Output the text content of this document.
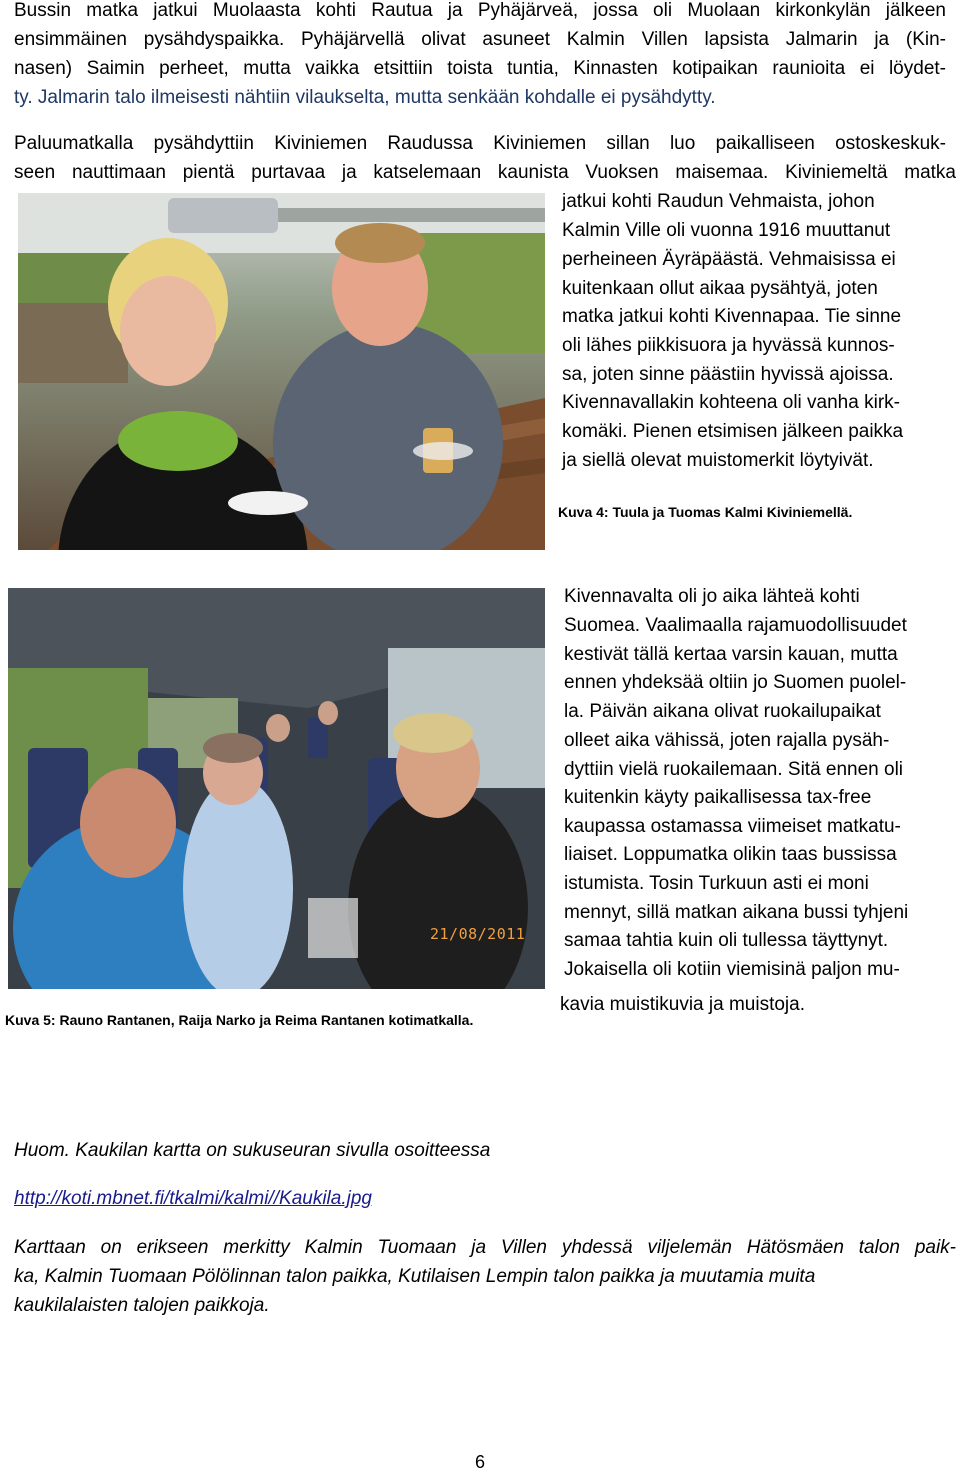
Bussin matka jatkui Muolaasta kohti Rautua ja Pyhäjärveä, jossa oli Muolaan kirkonkylän jälkeen
ensimmäinen pysähdyspaikka. Pyhäjärvellä olivat asuneet Kalmin Villen lapsista Jalmarin ja (Kin-
nasen) Saimin perheet, mutta vaikka etsittiin toista tuntia, Kinnasten kotipaikan raunioita ei löydet-
ty. Jalmarin talo ilmeisesti nähtiin vilaukselta, mutta senkään kohdalle ei pysähdytty.
Paluumatkalla pysähdyttiin Kiviniemen Raudussa Kiviniemen sillan luo paikalliseen ostoskeskuk-
seen nauttimaan pientä purtavaa ja katselemaan kaunista Vuoksen maisemaa. Kiviniemeltä matka
jatkui kohti Raudun Vehmaista, johon
Kalmin Ville oli vuonna 1916 muuttanut
perheineen Äyräpäästä. Vehmaisissa ei
kuitenkaan ollut aikaa pysähtyä, joten
matka jatkui kohti Kivennapaa. Tie sinne
oli lähes piikkisuora ja hyvässä kunnos-
sa, joten sinne päästiin hyvissä ajoissa.
Kivennavallakin kohteena oli vanha kirk-
komäki. Pienen etsimisen jälkeen paikka
ja siellä olevat muistomerkit löytyivät.
Kuva 4: Tuula ja Tuomas Kalmi Kiviniemellä.
21/08/2011
Kuva 5: Rauno Rantanen, Raija Narko ja Reima Rantanen kotimatkalla.
Kivennavalta oli jo aika lähteä kohti
Suomea. Vaalimaalla rajamuodollisuudet
kestivät tällä kertaa varsin kauan, mutta
ennen yhdeksää oltiin jo Suomen puolel-
la. Päivän aikana olivat ruokailupaikat
olleet aika vähissä, joten rajalla pysäh-
dyttiin vielä ruokailemaan. Sitä ennen oli
kuitenkin käyty paikallisessa tax-free
kaupassa ostamassa viimeiset matkatu-
liaiset. Loppumatka olikin taas bussissa
istumista. Tosin Turkuun asti ei moni
mennyt, sillä matkan aikana bussi tyhjeni
samaa tahtia kuin oli tullessa täyttynyt.
Jokaisella oli kotiin viemisinä paljon mu-
kavia muistikuvia ja muistoja.
Huom. Kaukilan kartta on sukuseuran sivulla osoitteessa
http://koti.mbnet.fi/tkalmi/kalmi//Kaukila.jpg
Karttaan on erikseen merkitty Kalmin Tuomaan ja Villen yhdessä viljelemän Hätösmäen talon paik-
ka, Kalmin Tuomaan Pölölinnan talon paikka, Kutilaisen Lempin talon paikka ja muutamia muita
kaukilalaisten talojen paikkoja.
6
